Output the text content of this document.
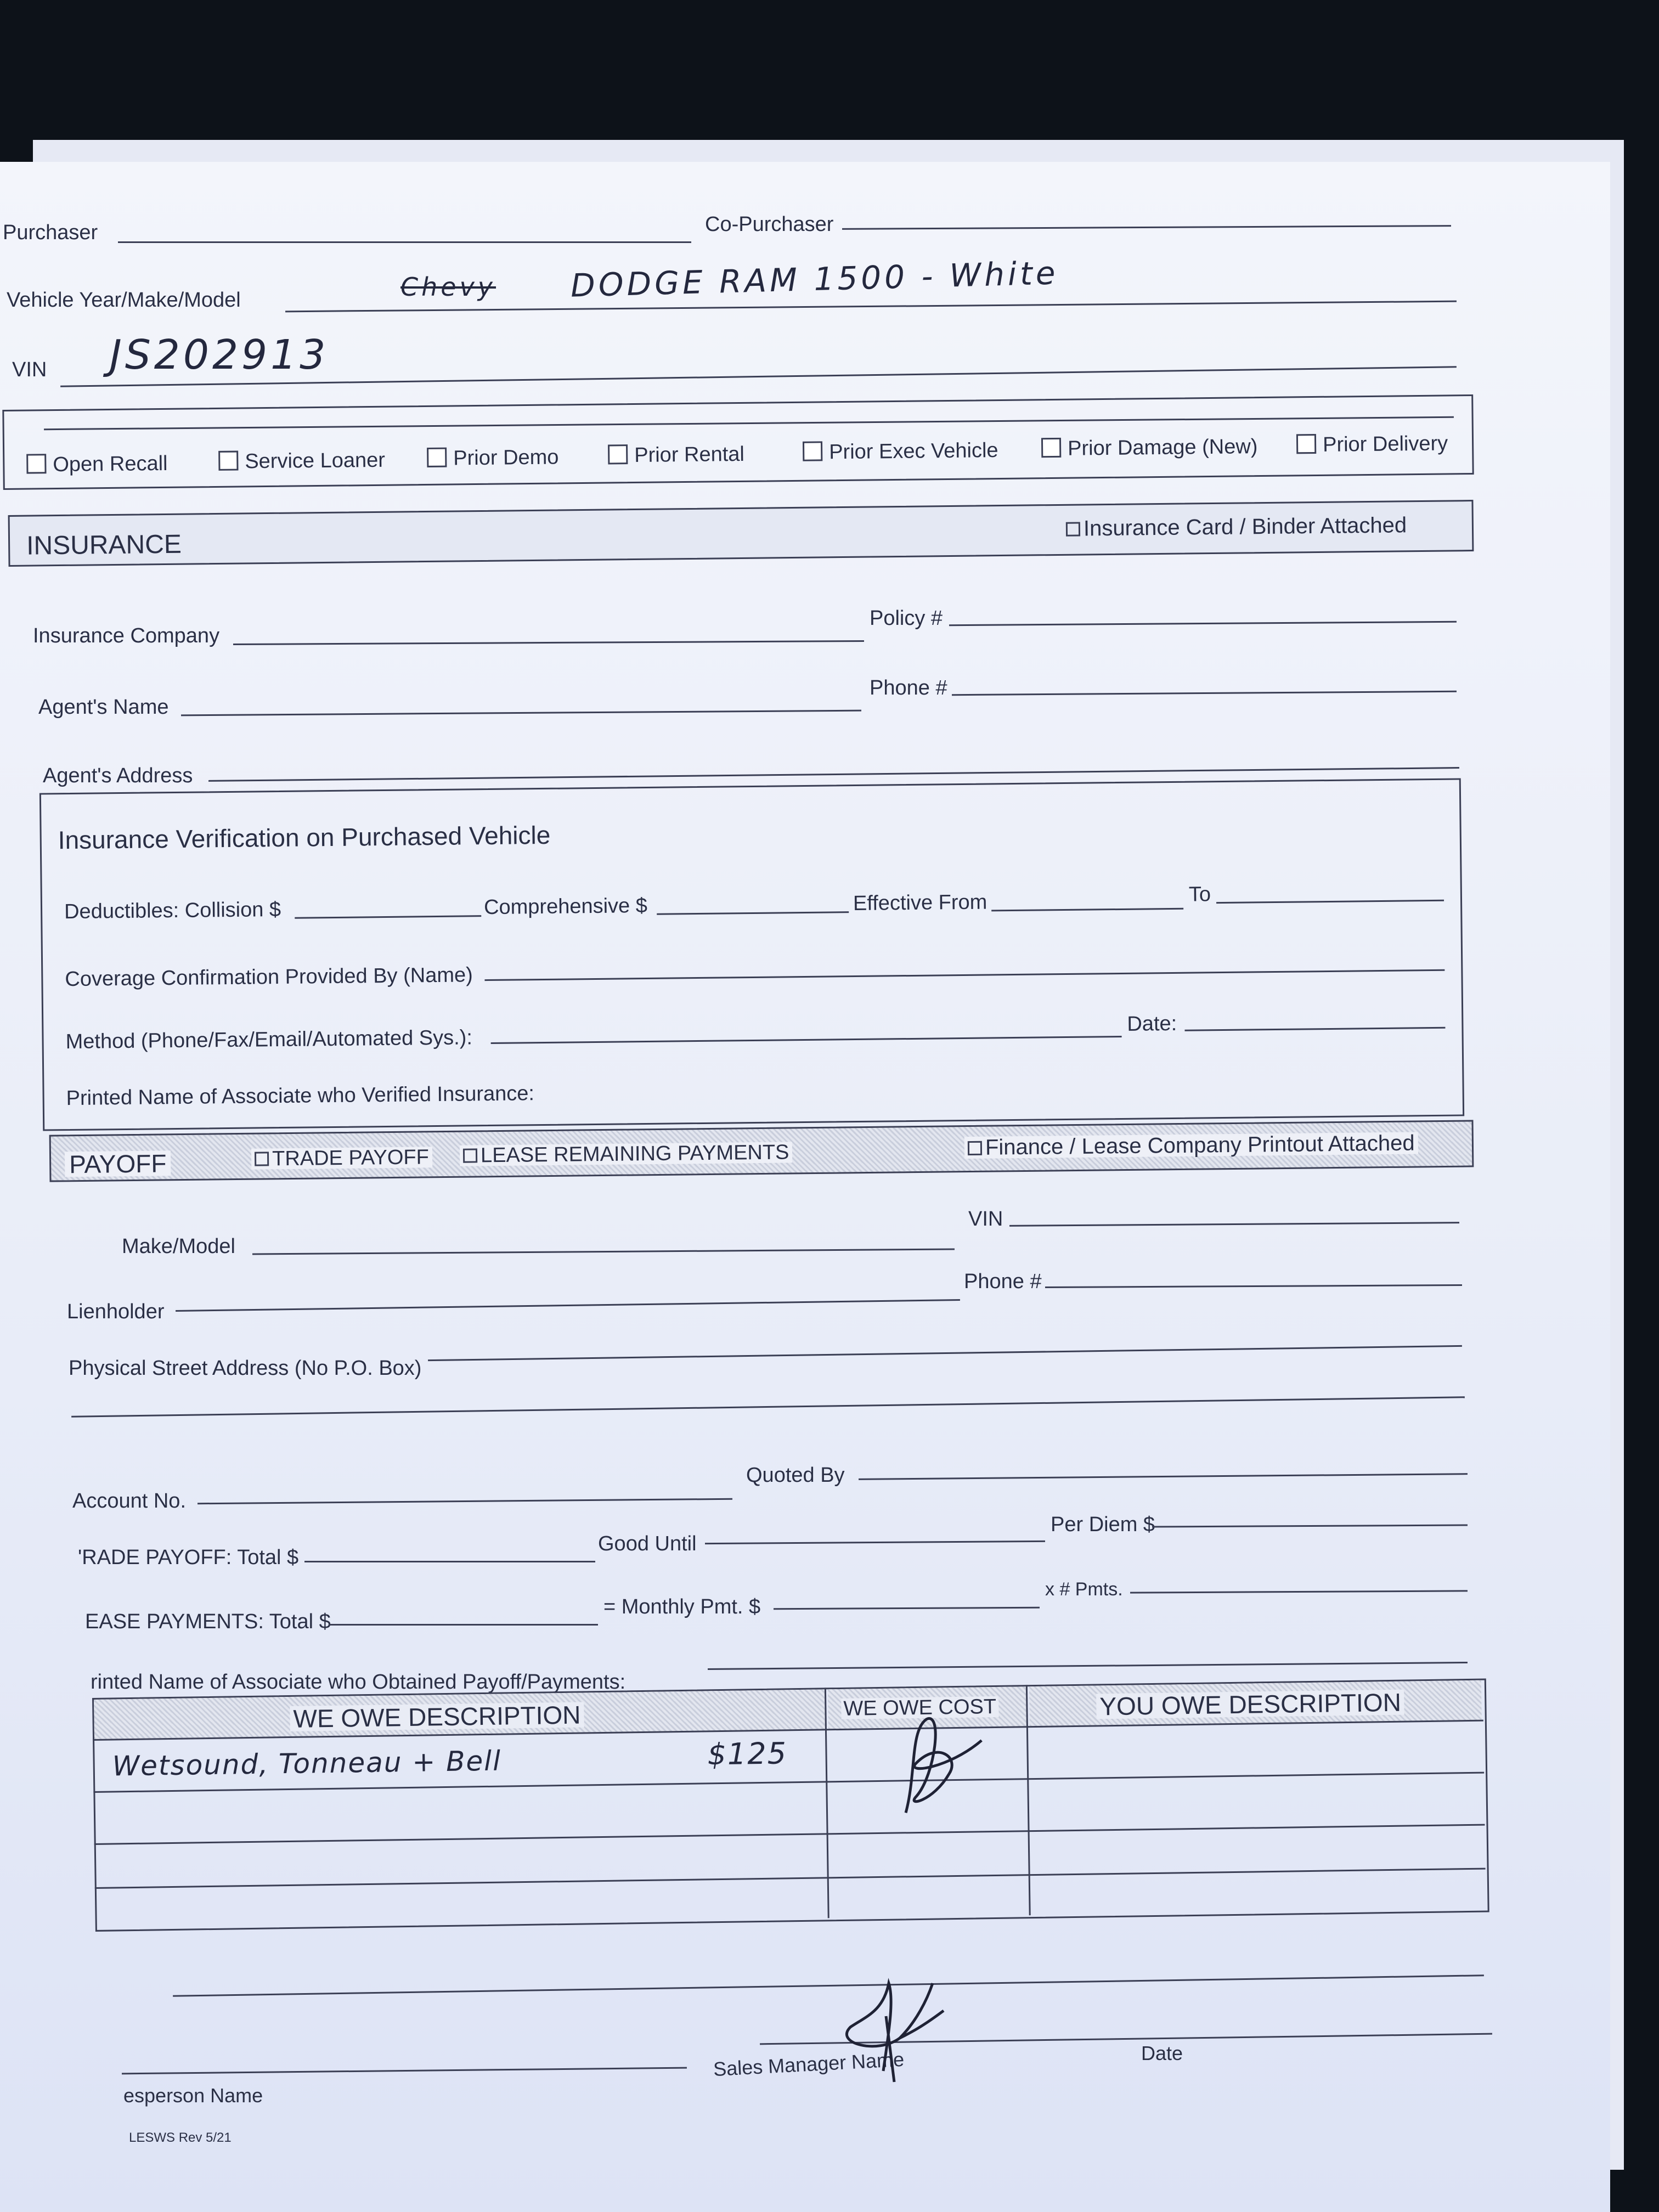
Purchaser	Co-Purchaser
Vehicle Year/Make/Model	Chevy DODGE RAM 1500 - White
VIN JS202913
Open Recall	Service Loaner	Prior Demo	Prior Rental	Prior Exec Vehicle	Prior Damage (New)	Prior Delivery
INSURANCE
Insurance Card / Binder Attached
Insurance Company
Policy #
Agent's Name
Phone #
Agent's Address
Insurance Verification on Purchased Vehicle
Deductibles: Collision $	Comprehensive $	Effective From	To
Coverage Confirmation Provided By (Name)
Method (Phone/Fax/Email/Automated Sys.):
Date:
Printed Name of Associate who Verified Insurance:
PAYOFF	TRADE PAYOFF	LEASE REMAINING PAYMENTS	Finance / Lease Company Printout Attached
Make/Model
VIN
Phone #
Lienholder
Physical Street Address (No P.O. Box)
Account No.
Quoted By
'RADE PAYOFF: Total $
Good Until
Per Diem $
EASE PAYMENTS: Total $
= Monthly Pmt. $
x # Pmts.
rinted Name of Associate who Obtained Payoff/Payments:
WE OWE DESCRIPTION	WE OWE COST	YOU OWE DESCRIPTION
Wetsound, Tonneau + Bell	$125
esperson Name
Sales Manager Name	Date
LESWS Rev 5/21
